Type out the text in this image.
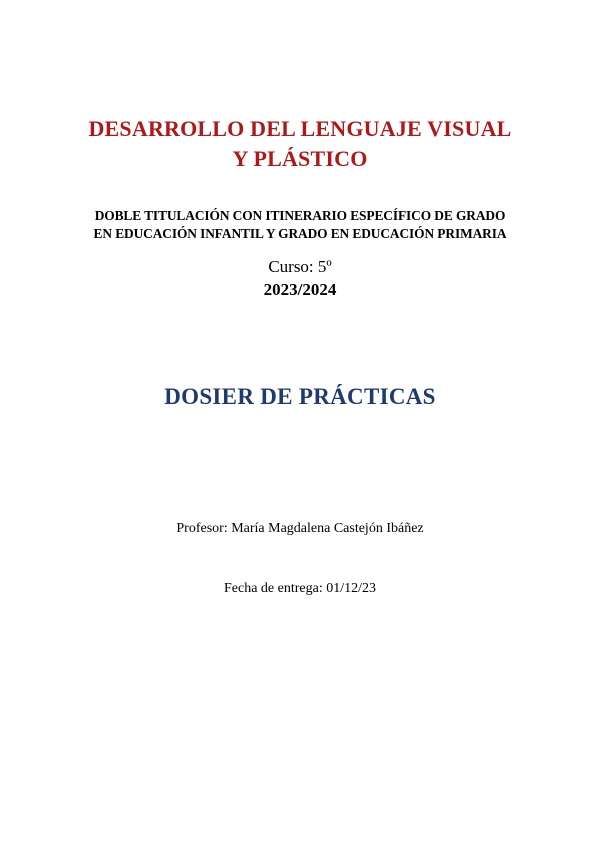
DESARROLLO DEL LENGUAJE VISUAL
Y PLÁSTICO
DOBLE TITULACIÓN CON ITINERARIO ESPECÍFICO DE GRADO
EN EDUCACIÓN INFANTIL Y GRADO EN EDUCACIÓN PRIMARIA
Curso: 5º
2023/2024
DOSIER DE PRÁCTICAS
Profesor: María Magdalena Castejón Ibáñez
Fecha de entrega: 01/12/23
